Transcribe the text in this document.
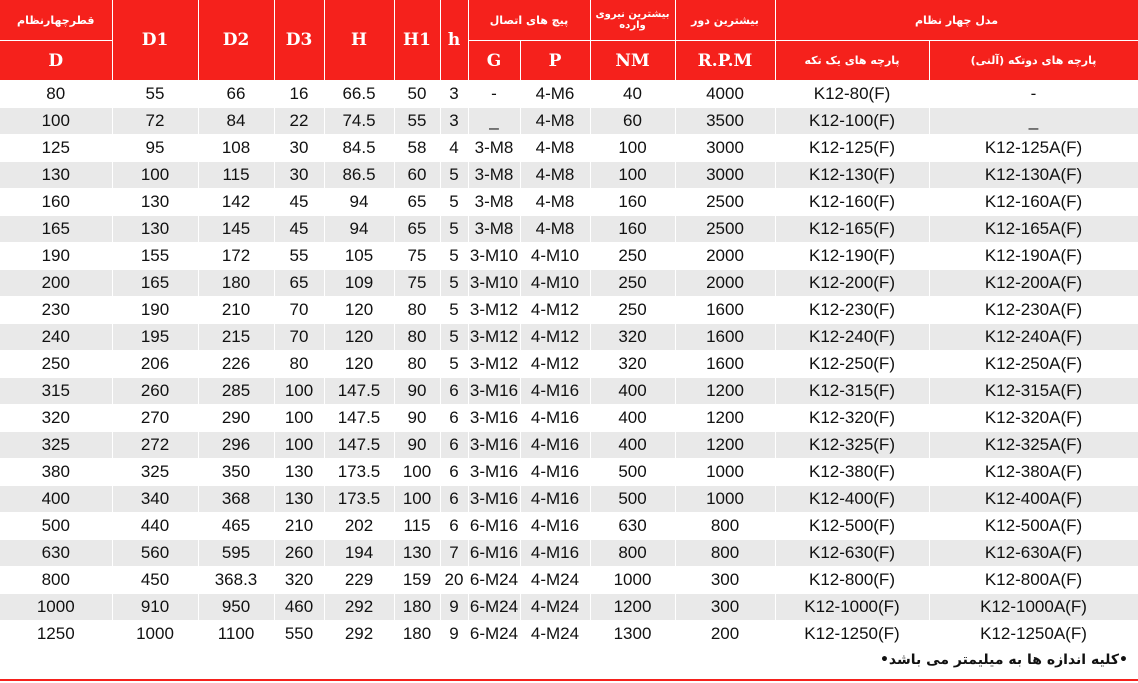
قطرچهارنظام	D1	D2	D3	H	H1	h	پیچ های اتصال		بیشترین نیروی وارده	بیشترین دور	مدل چهار نظام	
D							G	P	NM	R.P.M	پارچه های یک تکه	پارچه های دوتکه (آلنی)
80	55	66	16	66.5	50	3	-	4-M6	40	4000	K12-80(F)	-
100	72	84	22	74.5	55	3	_	4-M8	60	3500	K12-100(F)	_
125	95	108	30	84.5	58	4	3-M8	4-M8	100	3000	K12-125(F)	K12-125A(F)
130	100	115	30	86.5	60	5	3-M8	4-M8	100	3000	K12-130(F)	K12-130A(F)
160	130	142	45	94	65	5	3-M8	4-M8	160	2500	K12-160(F)	K12-160A(F)
165	130	145	45	94	65	5	3-M8	4-M8	160	2500	K12-165(F)	K12-165A(F)
190	155	172	55	105	75	5	3-M10	4-M10	250	2000	K12-190(F)	K12-190A(F)
200	165	180	65	109	75	5	3-M10	4-M10	250	2000	K12-200(F)	K12-200A(F)
230	190	210	70	120	80	5	3-M12	4-M12	250	1600	K12-230(F)	K12-230A(F)
240	195	215	70	120	80	5	3-M12	4-M12	320	1600	K12-240(F)	K12-240A(F)
250	206	226	80	120	80	5	3-M12	4-M12	320	1600	K12-250(F)	K12-250A(F)
315	260	285	100	147.5	90	6	3-M16	4-M16	400	1200	K12-315(F)	K12-315A(F)
320	270	290	100	147.5	90	6	3-M16	4-M16	400	1200	K12-320(F)	K12-320A(F)
325	272	296	100	147.5	90	6	3-M16	4-M16	400	1200	K12-325(F)	K12-325A(F)
380	325	350	130	173.5	100	6	3-M16	4-M16	500	1000	K12-380(F)	K12-380A(F)
400	340	368	130	173.5	100	6	3-M16	4-M16	500	1000	K12-400(F)	K12-400A(F)
500	440	465	210	202	115	6	6-M16	4-M16	630	800	K12-500(F)	K12-500A(F)
630	560	595	260	194	130	7	6-M16	4-M16	800	800	K12-630(F)	K12-630A(F)
800	450	368.3	320	229	159	20	6-M24	4-M24	1000	300	K12-800(F)	K12-800A(F)
1000	910	950	460	292	180	9	6-M24	4-M24	1200	300	K12-1000(F)	K12-1000A(F)
1250	1000	1100	550	292	180	9	6-M24	4-M24	1300	200	K12-1250(F)	K12-1250A(F)
•کلیه اندازه ها به میلیمتر می باشد•
